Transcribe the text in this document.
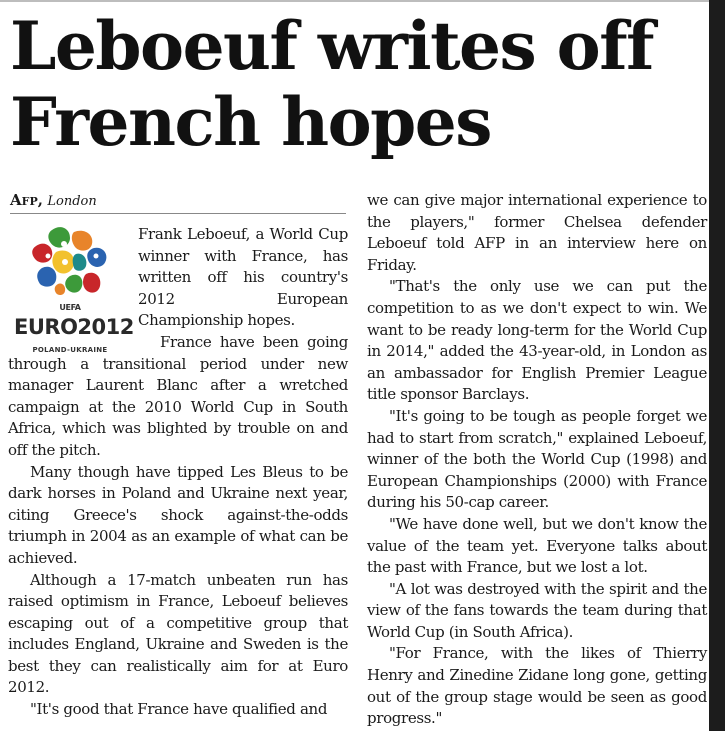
Leboeuf writes off
French hopes
Afp, London
UEFA
EURO2012
POLAND-UKRAINE

Frank Leboeuf, a World Cup winner with France, has written off his country's 2012 European Championship hopes.

France have been going through a transitional period under new manager Laurent Blanc after a wretched campaign at the 2010 World Cup in South Africa, which was blighted by trouble on and off the pitch.

Many though have tipped Les Bleus to be dark horses in Poland and Ukraine next year, citing Greece's shock against-the-odds triumph in 2004 as an example of what can be achieved.

Although a 17-match unbeaten run has raised optimism in France, Leboeuf believes escaping out of a competitive group that includes England, Ukraine and Sweden is the best they can realistically aim for at Euro 2012.

"It's good that France have qualified and

we can give major international experience to the players," former Chelsea defender Leboeuf told AFP in an interview here on Friday.

"That's the only use we can put the competition to as we don't expect to win. We want to be ready long-term for the World Cup in 2014," added the 43-year-old, in London as an ambassador for English Premier League title sponsor Barclays.

"It's going to be tough as people forget we had to start from scratch," explained Leboeuf, winner of the both the World Cup (1998) and European Championships (2000) with France during his 50-cap career.

"We have done well, but we don't know the value of the team yet. Everyone talks about the past with France, but we lost a lot.

"A lot was destroyed with the spirit and the view of the fans towards the team during that World Cup (in South Africa).

"For France, with the likes of Thierry Henry and Zinedine Zidane long gone, getting out of the group stage would be seen as good progress."
